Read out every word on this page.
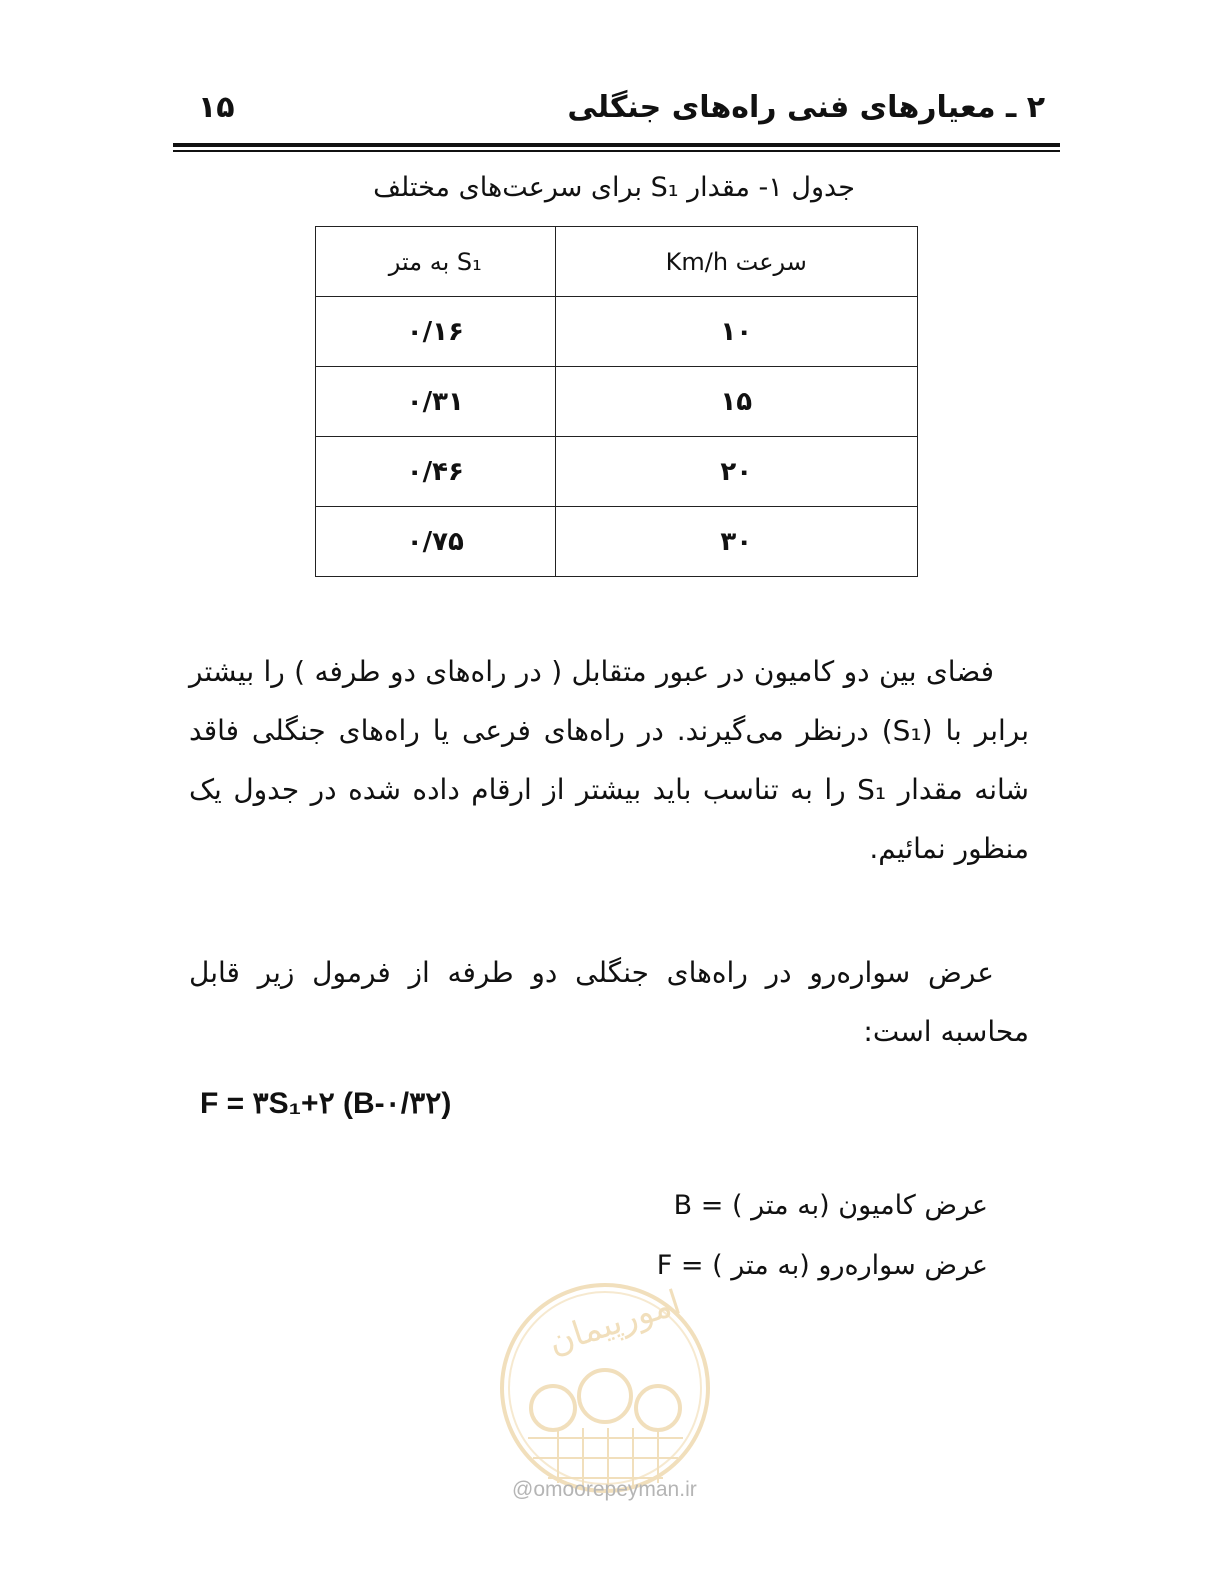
۲ ـ معیارهای فنی راه‌های جنگلی
۱۵
جدول ۱- مقدار S₁ برای سرعت‌های مختلف
سرعت Km/h	S₁ به متر
۱۰	۰/۱۶
۱۵	۰/۳۱
۲۰	۰/۴۶
۳۰	۰/۷۵
فضای بین دو کامیون در عبور متقابل ( در راه‌های دو طرفه ) را بیشتر برابر با (S₁) درنظر می‌گیرند. در راه‌های فرعی یا راه‌های جنگلی فاقد شانه مقدار S₁ را به تناسب باید بیشتر از ارقام داده شده در جدول یک منظور نمائیم.
عرض سواره‌رو در راه‌های جنگلی دو طرفه از فرمول زیر قابل محاسبه است:
F = ۳S₁+۲ (B-۰/۳۲)
B = عرض کامیون (به متر )
F = عرض سواره‌رو (به متر )
امورپیمان
@omoorepeyman.ir
